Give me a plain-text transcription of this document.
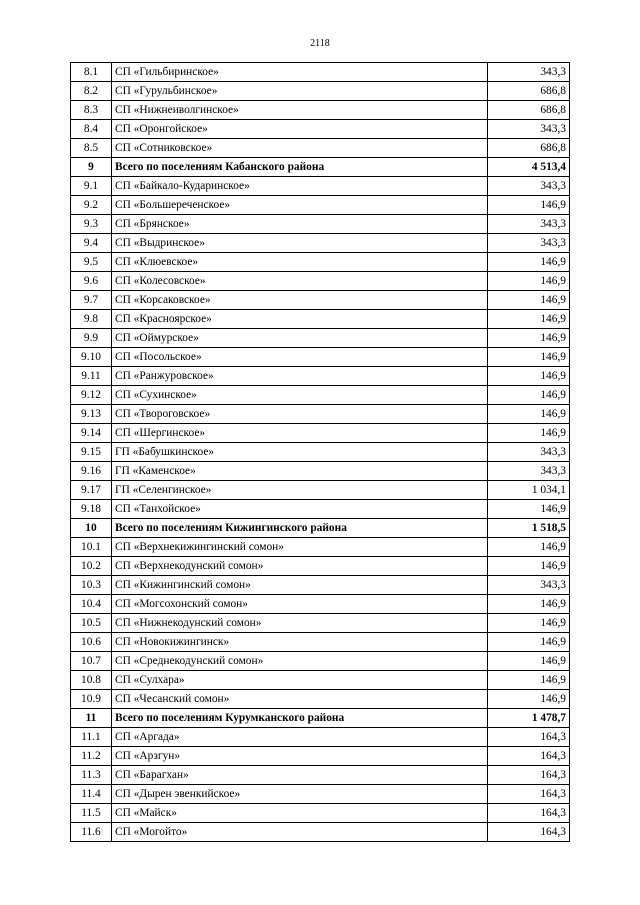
2118
8.1	СП «Гильбиринское»	343,3
8.2	СП «Гурульбинское»	686,8
8.3	СП «Нижнеиволгинское»	686,8
8.4	СП «Оронгойское»	343,3
8.5	СП «Сотниковское»	686,8
9	Всего по поселениям Кабанского района	4 513,4
9.1	СП «Байкало-Кударинское»	343,3
9.2	СП «Большереченское»	146,9
9.3	СП «Брянское»	343,3
9.4	СП «Выдринское»	343,3
9.5	СП «Клюевское»	146,9
9.6	СП «Колесовское»	146,9
9.7	СП «Корсаковское»	146,9
9.8	СП «Красноярское»	146,9
9.9	СП «Оймурское»	146,9
9.10	СП «Посольское»	146,9
9.11	СП «Ранжуровское»	146,9
9.12	СП «Сухинское»	146,9
9.13	СП «Твороговское»	146,9
9.14	СП «Шергинское»	146,9
9.15	ГП «Бабушкинское»	343,3
9.16	ГП «Каменское»	343,3
9.17	ГП «Селенгинское»	1 034,1
9.18	СП «Танхойское»	146,9
10	Всего по поселениям Кижингинского района	1 518,5
10.1	СП «Верхнекижингинский сомон»	146,9
10.2	СП «Верхнекодунский сомон»	146,9
10.3	СП «Кижингинский сомон»	343,3
10.4	СП «Могсохонский сомон»	146,9
10.5	СП «Нижнекодунский сомон»	146,9
10.6	СП «Новокижингинск»	146,9
10.7	СП «Среднекодунский сомон»	146,9
10.8	СП «Сулхара»	146,9
10.9	СП «Чесанский сомон»	146,9
11	Всего по поселениям Курумканского района	1 478,7
11.1	СП «Аргада»	164,3
11.2	СП «Арзгун»	164,3
11.3	СП «Барагхан»	164,3
11.4	СП «Дырен эвенкийское»	164,3
11.5	СП «Майск»	164,3
11.6	СП «Могойто»	164,3
